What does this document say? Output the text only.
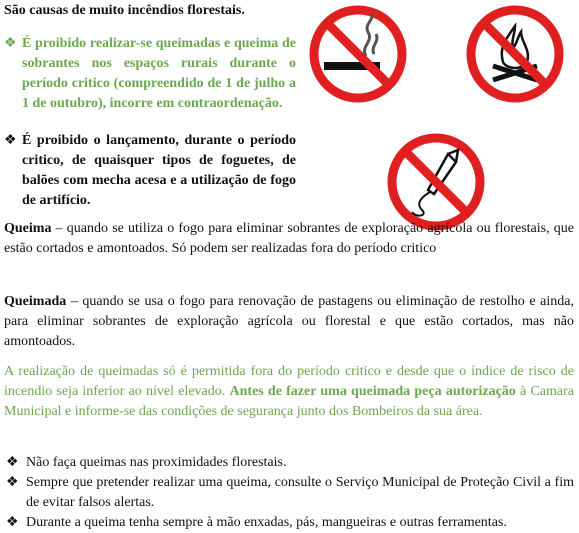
São causas de muito incêndios florestais.
❖ É proibido realizar-se queimadas e queima de sobrantes nos espaços rurais durante o período critico (compreendido de 1 de julho a 1 de outubro), incorre em contraordenação.
❖ É proibido o lançamento, durante o período critico, de quaisquer tipos de foguetes, de balões com mecha acesa e a utilização de fogo de artifício.
Queima – quando se utiliza o fogo para eliminar sobrantes de exploração agrícola ou florestais, que estão cortados e amontoados. Só podem ser realizadas fora do período critico
Queimada – quando se usa o fogo para renovação de pastagens ou eliminação de restolho e ainda, para eliminar sobrantes de exploração agrícola ou florestal e que estão cortados, mas não amontoados.
A realização de queimadas só é permitida fora do período critico e desde que o índice de risco de incendio seja inferior ao nível elevado. Antes de fazer uma queimada peça autorização à Camara Municipal e informe-se das condições de segurança junto dos Bombeiros da sua área.
❖ Não faça queimas nas proximidades florestais.
❖ Sempre que pretender realizar uma queima, consulte o Serviço Municipal de Proteção Civil a fim de evitar falsos alertas.
❖ Durante a queima tenha sempre à mão enxadas, pás, mangueiras e outras ferramentas.
